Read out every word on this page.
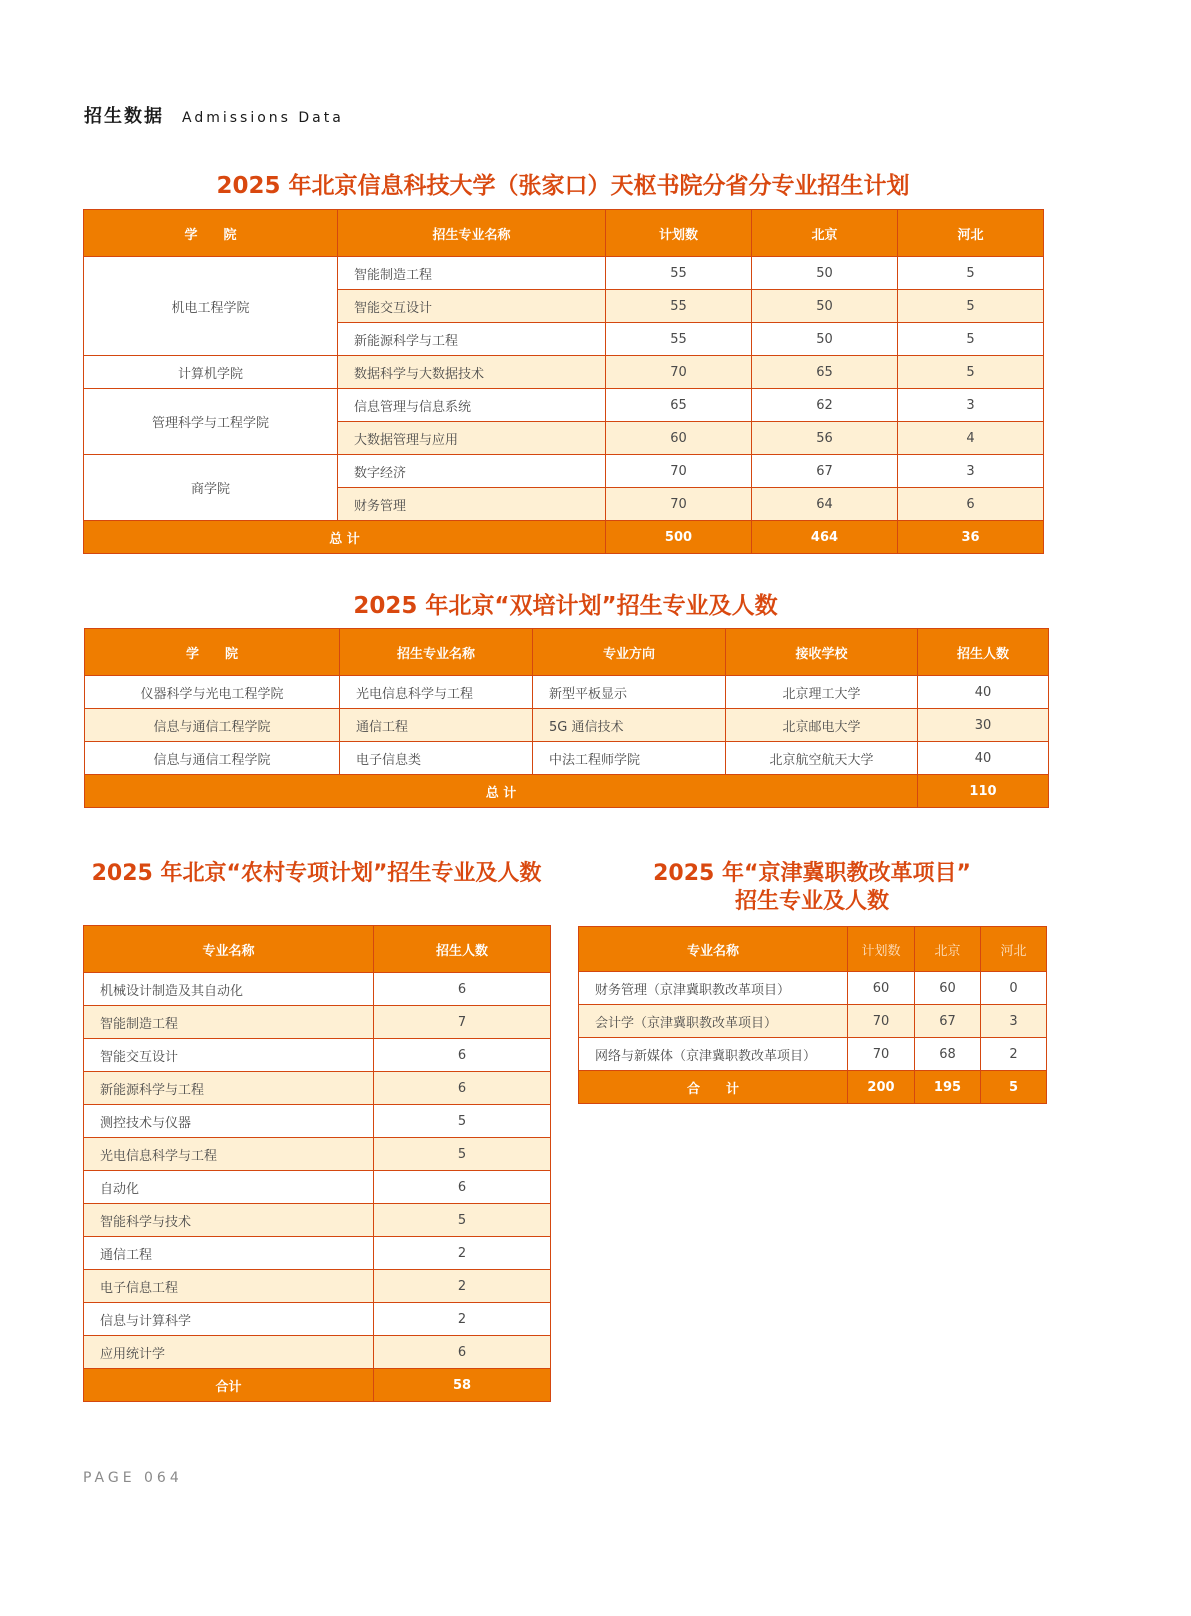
招生数据 Admissions Data
2025 年北京信息科技大学（张家口）天枢书院分省分专业招生计划
学　　院	招生专业名称	计划数	北京	河北
机电工程学院	智能制造工程	55	50	5
	智能交互设计	55	50	5
	新能源科学与工程	55	50	5
计算机学院	数据科学与大数据技术	70	65	5
管理科学与工程学院	信息管理与信息系统	65	62	3
	大数据管理与应用	60	56	4
商学院	数字经济	70	67	3
	财务管理	70	64	6
总 计		500	464	36
2025 年北京“双培计划”招生专业及人数
学　　院	招生专业名称	专业方向	接收学校	招生人数
仪器科学与光电工程学院	光电信息科学与工程	新型平板显示	北京理工大学	40
信息与通信工程学院	通信工程	5G 通信技术	北京邮电大学	30
信息与通信工程学院	电子信息类	中法工程师学院	北京航空航天大学	40
总 计				110
2025 年北京“农村专项计划”招生专业及人数
专业名称	招生人数
机械设计制造及其自动化	6
智能制造工程	7
智能交互设计	6
新能源科学与工程	6
测控技术与仪器	5
光电信息科学与工程	5
自动化	6
智能科学与技术	5
通信工程	2
电子信息工程	2
信息与计算科学	2
应用统计学	6
合计	58
2025 年“京津冀职教改革项目”
招生专业及人数
专业名称	计划数	北京	河北
财务管理（京津冀职教改革项目）	60	60	0
会计学（京津冀职教改革项目）	70	67	3
网络与新媒体（京津冀职教改革项目）	70	68	2
合　　计	200	195	5
PAGE 064
